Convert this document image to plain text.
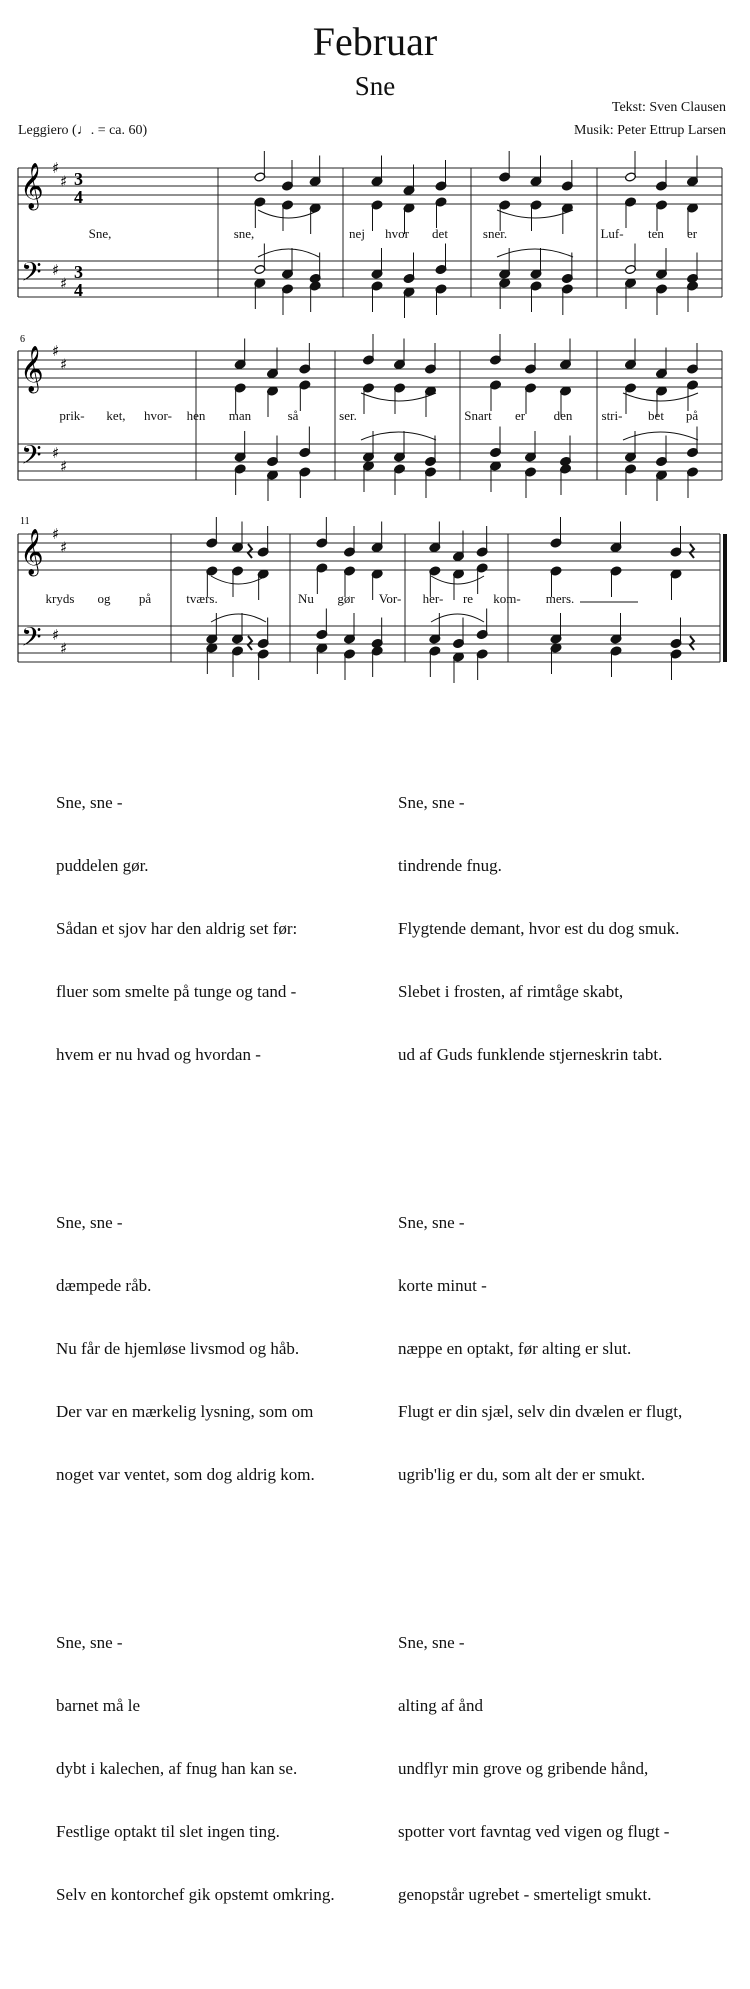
Februar
Sne
Tekst: Sven Clausen
Musik: Peter Ettrup Larsen
Leggiero (♩. = ca. 60)
𝄞
𝄢
♯
♯
♯
♯
3
4
3
4
𝄞
𝄢
♯
♯
♯
♯
𝄞
𝄢
♯
♯
♯
♯
6
11
Sne,	sne,	nej hvor det	sner.	Luf- ten er
prik- ket, hvor- hen man	så	ser.	Snart er den stri- bet på
kryds og på	tværs.	Nu gør Vor- her- re kom- mers.

Sne, sne -

puddelen gør.

Sådan et sjov har den aldrig set før:

fluer som smelte på tunge og tand -

hvem er nu hvad og hvordan -

Sne, sne -

dæmpede råb.

Nu får de hjemløse livsmod og håb.

Der var en mærkelig lysning, som om

noget var ventet, som dog aldrig kom.

Sne, sne -

barnet må le

dybt i kalechen, af fnug han kan se.

Festlige optakt til slet ingen ting.

Selv en kontorchef gik opstemt omkring.

Sne, sne -

tindrende fnug.

Flygtende demant, hvor est du dog smuk.

Slebet i frosten, af rimtåge skabt,

ud af Guds funklende stjerneskrin tabt.

Sne, sne -

korte minut -

næppe en optakt, før alting er slut.

Flugt er din sjæl, selv din dvælen er flugt,

ugrib'lig er du, som alt der er smukt.

Sne, sne -

alting af ånd

undflyr min grove og gribende hånd,

spotter vort favntag ved vigen og flugt -

genopstår ugrebet - smerteligt smukt.
